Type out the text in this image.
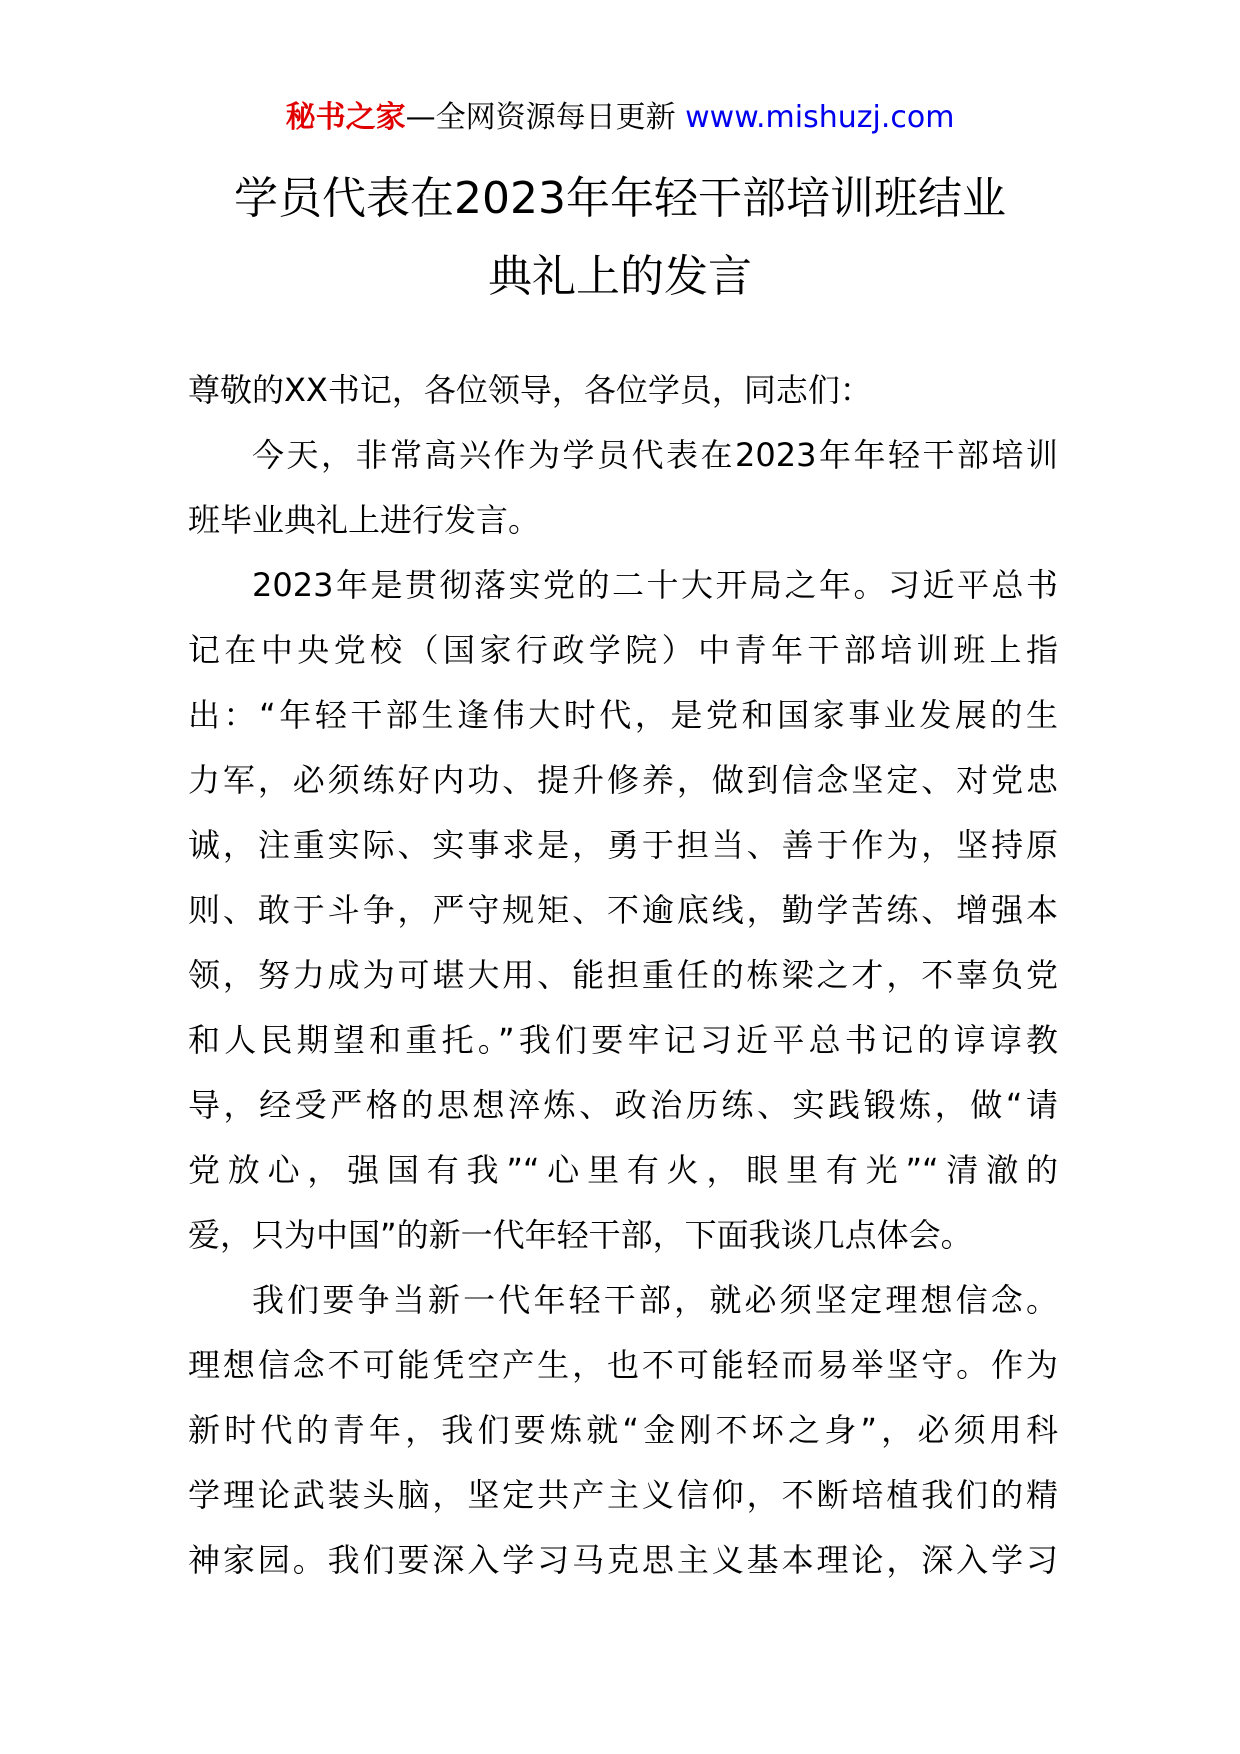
秘书之家—全网资源每日更新 www.mishuzj.com
学员代表在2023年年轻干部培训班结业
典礼上的发言
尊敬的XX书记，各位领导，各位学员，同志们：
今天，非常高兴作为学员代表在2023年年轻干部培训
班毕业典礼上进行发言。
2023年是贯彻落实党的二十大开局之年。习近平总书
记在中央党校（国家行政学院）中青年干部培训班上指
出：“年轻干部生逢伟大时代，是党和国家事业发展的生
力军，必须练好内功、提升修养，做到信念坚定、对党忠
诚，注重实际、实事求是，勇于担当、善于作为，坚持原
则、敢于斗争，严守规矩、不逾底线，勤学苦练、增强本
领，努力成为可堪大用、能担重任的栋梁之才，不辜负党
和人民期望和重托。”我们要牢记习近平总书记的谆谆教
导，经受严格的思想淬炼、政治历练、实践锻炼，做“请
党放心，强国有我”“心里有火，眼里有光”“清澈的
爱，只为中国”的新一代年轻干部，下面我谈几点体会。
我们要争当新一代年轻干部，就必须坚定理想信念。
理想信念不可能凭空产生，也不可能轻而易举坚守。作为
新时代的青年，我们要炼就“金刚不坏之身”，必须用科
学理论武装头脑，坚定共产主义信仰，不断培植我们的精
神家园。我们要深入学习马克思主义基本理论，深入学习
